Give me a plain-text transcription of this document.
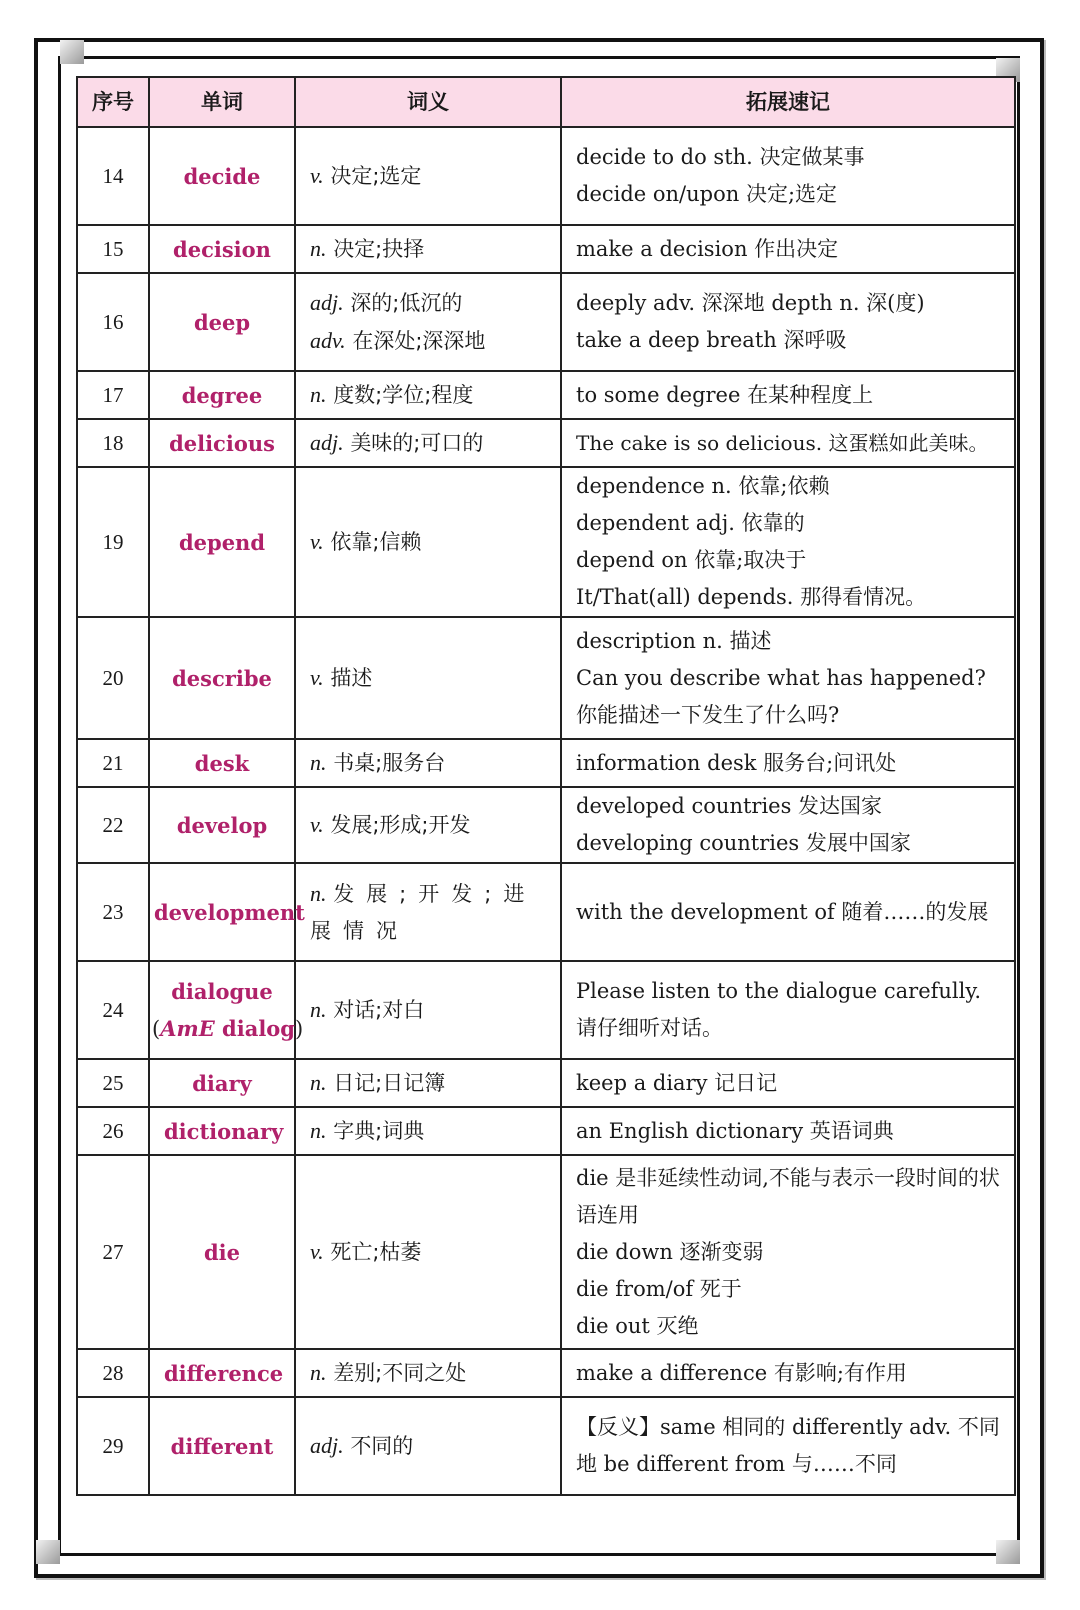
序号	单词	词义	拓展速记
14	decide	v. 决定;选定	decide to do sth. 决定做某事
decide on/upon 决定;选定

15	decision	n. 决定;抉择	make a decision 作出决定

16	deep	adj. 深的;低沉的
adv. 在深处;深深地	deeply adv. 深深地 depth n. 深(度)
take a deep breath 深呼吸

17	degree	n. 度数;学位;程度	to some degree 在某种程度上

18	delicious	adj. 美味的;可口的	The cake is so delicious. 这蛋糕如此美味。

19	depend	v. 依靠;信赖	dependence n. 依靠;依赖
dependent adj. 依靠的
depend on 依靠;取决于
It/That(all) depends. 那得看情况。

20	describe	v. 描述	description n. 描述
Can you describe what has happened? 你能描述一下发生了什么吗?

21	desk	n. 书桌;服务台	information desk 服务台;问讯处

22	develop	v. 发展;形成;开发	developed countries 发达国家
developing countries 发展中国家

23	development	n. 发展;开发;进展情况	with the development of 随着……的发展

24	dialogue
(AmE dialog)	n. 对话;对白	Please listen to the dialogue carefully. 请仔细听对话。

25	diary	n. 日记;日记簿	keep a diary 记日记

26	dictionary	n. 字典;词典	an English dictionary 英语词典

27	die	v. 死亡;枯萎	die 是非延续性动词,不能与表示一段时间的状语连用
die down 逐渐变弱
die from/of 死于
die out 灭绝

28	difference	n. 差别;不同之处	make a difference 有影响;有作用

29	different	adj. 不同的	【反义】same 相同的 differently adv. 不同地 be different from 与……不同
